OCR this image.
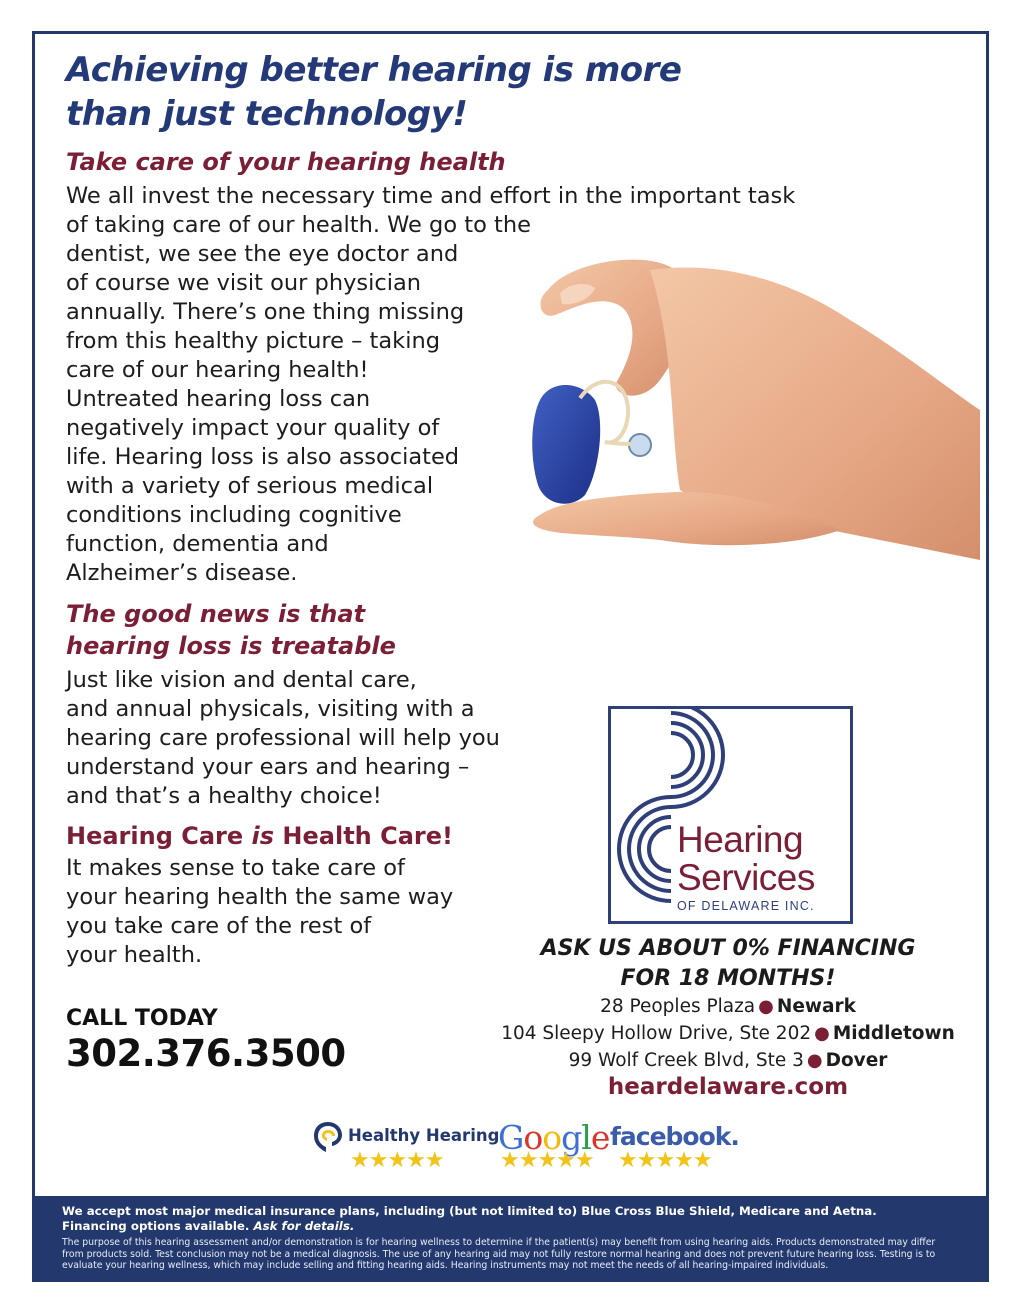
Achieving better hearing is more
than just technology!
Take care of your hearing health
We all invest the necessary time and effort in the important task
of taking care of our health. We go to the
dentist, we see the eye doctor and
of course we visit our physician
annually. There’s one thing missing
from this healthy picture – taking
care of our hearing health!
Untreated hearing loss can
negatively impact your quality of
life. Hearing loss is also associated
with a variety of serious medical
conditions including cognitive
function, dementia and
Alzheimer’s disease.
The good news is that
hearing loss is treatable
Just like vision and dental care,
and annual physicals, visiting with a
hearing care professional will help you
understand your ears and hearing –
and that’s a healthy choice!
Hearing Care is Health Care!
It makes sense to take care of
your hearing health the same way
you take care of the rest of
your health.
Hearing
Services
OF DELAWARE INC.
ASK US ABOUT 0% FINANCING
FOR 18 MONTHS!
28 Peoples Plaza ● Newark
104 Sleepy Hollow Drive, Ste 202 ● Middletown
99 Wolf Creek Blvd, Ste 3 ● Dover
heardelaware.com
CALL TODAY
302.376.3500
Healthy Hearing
★★★★★
Google
★★★★★
facebook.
★★★★★

We accept most major medical insurance plans, including (but not limited to) Blue Cross Blue Shield, Medicare and Aetna.
Financing options available. Ask for details.

The purpose of this hearing assessment and/or demonstration is for hearing wellness to determine if the patient(s) may benefit from using hearing aids. Products demonstrated may differ from products sold. Test conclusion may not be a medical diagnosis. The use of any hearing aid may not fully restore normal hearing and does not prevent future hearing loss. Testing is to evaluate your hearing wellness, which may include selling and fitting hearing aids. Hearing instruments may not meet the needs of all hearing-impaired individuals.
